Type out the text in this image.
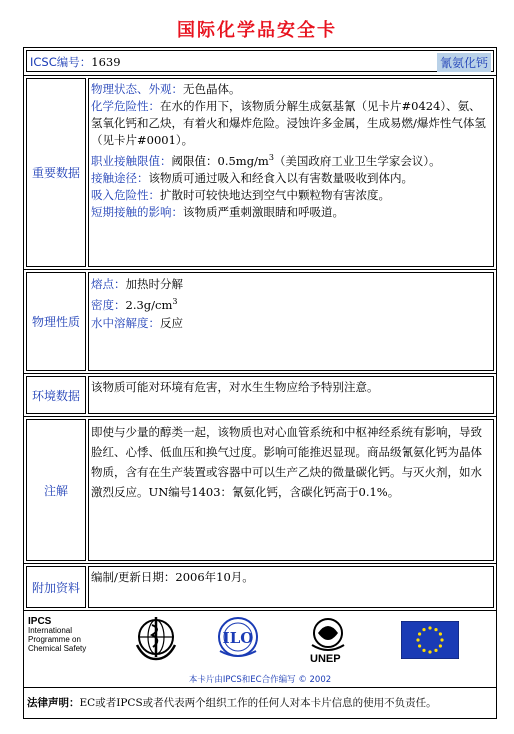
国际化学品安全卡
ICSC编号：1639	氰氨化钙
重要数据
物理状态、外观：无色晶体。
化学危险性：在水的作用下，该物质分解生成氨基氰（见卡片#0424）、氨、氢氧化钙和乙炔，有着火和爆炸危险。浸蚀许多金属，生成易燃/爆炸性气体氢（见卡片#0001）。
职业接触限值：阈限值：$0.5mg/m^3$（美国政府工业卫生学家会议）。
接触途径：该物质可通过吸入和经食入以有害数量吸收到体内。
吸入危险性：扩散时可较快地达到空气中颗粒物有害浓度。
短期接触的影响：该物质严重刺激眼睛和呼吸道。
物理性质
熔点：加热时分解
密度：$2.3g/cm^3$
水中溶解度：反应
环境数据
该物质可能对环境有危害，对水生生物应给予特别注意。
注解
即使与少量的醇类一起，该物质也对心血管系统和中枢神经系统有影响，导致脸红、心悸、低血压和换气过度。影响可能推迟显现。商品级氰氨化钙为晶体物质，含有在生产装置或容器中可以生产乙炔的微量碳化钙。与灭火剂，如水激烈反应。UN编号1403：氰氨化钙，含碳化钙高于0.1%。
附加资料
编制/更新日期：2006年10月。
IPCS
International
Programme on
Chemical Safety
ILO
UNEP
本卡片由IPCS和EC合作编写 © 2002
法律声明：EC或者IPCS或者代表两个组织工作的任何人对本卡片信息的使用不负责任。
